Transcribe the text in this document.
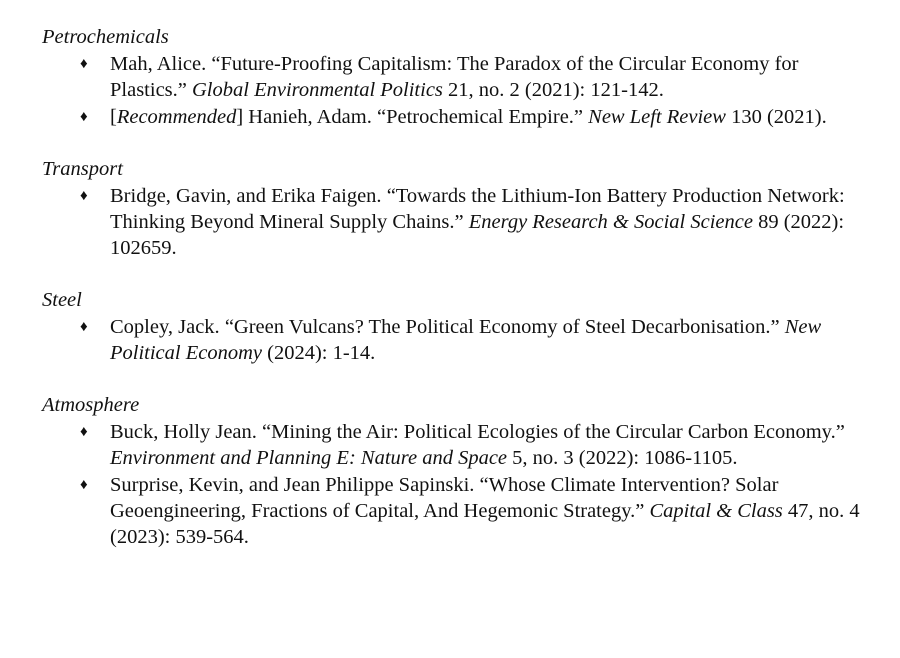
Petrochemicals
♦ Mah, Alice. “Future-Proofing Capitalism: The Paradox of the Circular Economy for Plastics.” Global Environmental Politics 21, no. 2 (2021): 121-142.
♦ [Recommended] Hanieh, Adam. “Petrochemical Empire.” New Left Review 130 (2021).
Transport
♦ Bridge, Gavin, and Erika Faigen. “Towards the Lithium-Ion Battery Production Network: Thinking Beyond Mineral Supply Chains.” Energy Research & Social Science 89 (2022): 102659.
Steel
♦ Copley, Jack. “Green Vulcans? The Political Economy of Steel Decarbonisation.” New Political Economy (2024): 1-14.
Atmosphere
♦ Buck, Holly Jean. “Mining the Air: Political Ecologies of the Circular Carbon Economy.” Environment and Planning E: Nature and Space 5, no. 3 (2022): 1086-1105.
♦ Surprise, Kevin, and Jean Philippe Sapinski. “Whose Climate Intervention? Solar Geoengineering, Fractions of Capital, And Hegemonic Strategy.” Capital & Class 47, no. 4 (2023): 539-564.
